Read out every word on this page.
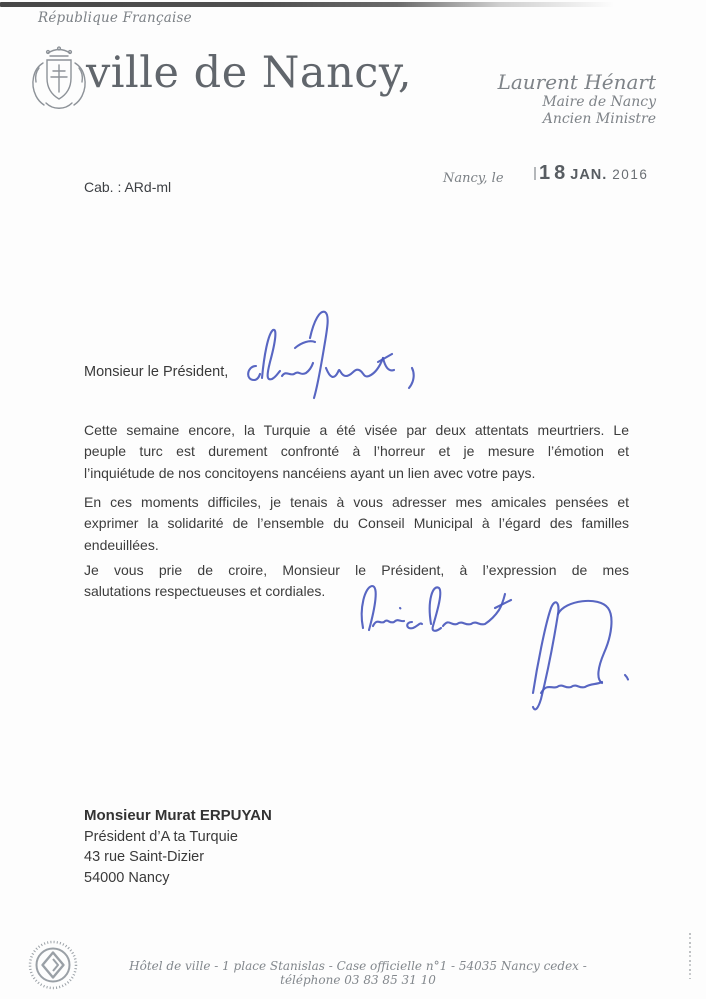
République Française
ville de Nancy,	Laurent Hénart
Maire de Nancy
Ancien Ministre
Cab. : ARd-ml
Nancy, le 18JAN. 2016
Monsieur le Président,
Cette semaine encore, la Turquie a été visée par deux attentats meurtriers. Le
peuple turc est durement confronté à l’horreur et je mesure l’émotion et
l’inquiétude de nos concitoyens nancéiens ayant un lien avec votre pays.
En ces moments difficiles, je tenais à vous adresser mes amicales pensées et
exprimer la solidarité de l’ensemble du Conseil Municipal à l’égard des familles
endeuillées.
Je vous prie de croire, Monsieur le Président, à l’expression de mes
salutations respectueuses et cordiales.
Monsieur Murat ERPUYAN
Président d’A ta Turquie
43 rue Saint-Dizier
54000 Nancy
Hôtel de ville - 1 place Stanislas - Case officielle n°1 - 54035 Nancy cedex - téléphone 03 83 85 31 10
